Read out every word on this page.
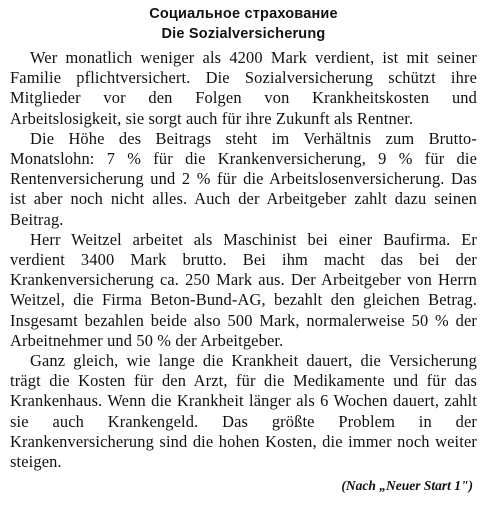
Социальное страхование
Die Sozialversicherung

Wer monatlich weniger als 4200 Mark verdient, ist mit seiner Familie pflichtversichert. Die Sozialversicherung schützt ihre Mitglieder vor den Folgen von Krankheitskosten und Arbeitslosigkeit, sie sorgt auch für ihre Zukunft als Rentner.

Die Höhe des Beitrags steht im Verhältnis zum Brutto-Monatslohn: 7 % für die Krankenversicherung, 9 % für die Rentenversicherung und 2 % für die Arbeitslosenversicherung. Das ist aber noch nicht alles. Auch der Arbeitgeber zahlt dazu seinen Beitrag.

Herr Weitzel arbeitet als Maschinist bei einer Baufirma. Er verdient 3400 Mark brutto. Bei ihm macht das bei der Krankenversicherung ca. 250 Mark aus. Der Arbeitgeber von Herrn Weitzel, die Firma Beton-Bund-AG, bezahlt den gleichen Betrag. Insgesamt bezahlen beide also 500 Mark, normalerweise 50 % der Arbeitnehmer und 50 % der Arbeitgeber.

Ganz gleich, wie lange die Krankheit dauert, die Versicherung trägt die Kosten für den Arzt, für die Medikamente und für das Krankenhaus. Wenn die Krankheit länger als 6 Wochen dauert, zahlt sie auch Krankengeld. Das größte Problem in der Krankenversicherung sind die hohen Kosten, die immer noch weiter steigen.

(Nach „Neuer Start 1")
